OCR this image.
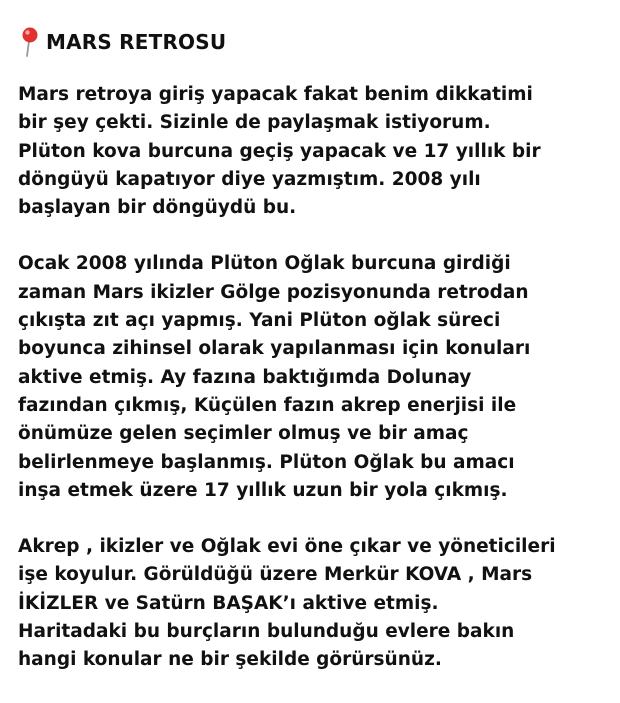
MARS RETROSU
Mars retroya giriş yapacak fakat benim dikkatimi
bir şey çekti. Sizinle de paylaşmak istiyorum.
Plüton kova burcuna geçiş yapacak ve 17 yıllık bir
döngüyü kapatıyor diye yazmıştım. 2008 yılı
başlayan bir döngüydü bu.
Ocak 2008 yılında Plüton Oğlak burcuna girdiği
zaman Mars ikizler Gölge pozisyonunda retrodan
çıkışta zıt açı yapmış. Yani Plüton oğlak süreci
boyunca zihinsel olarak yapılanması için konuları
aktive etmiş. Ay fazına baktığımda Dolunay
fazından çıkmış, Küçülen fazın akrep enerjisi ile
önümüze gelen seçimler olmuş ve bir amaç
belirlenmeye başlanmış. Plüton Oğlak bu amacı
inşa etmek üzere 17 yıllık uzun bir yola çıkmış.
Akrep , ikizler ve Oğlak evi öne çıkar ve yöneticileri
işe koyulur. Görüldüğü üzere Merkür KOVA , Mars
İKİZLER ve Satürn BAŞAK’ı aktive etmiş.
Haritadaki bu burçların bulunduğu evlere bakın
hangi konular ne bir şekilde görürsünüz.
